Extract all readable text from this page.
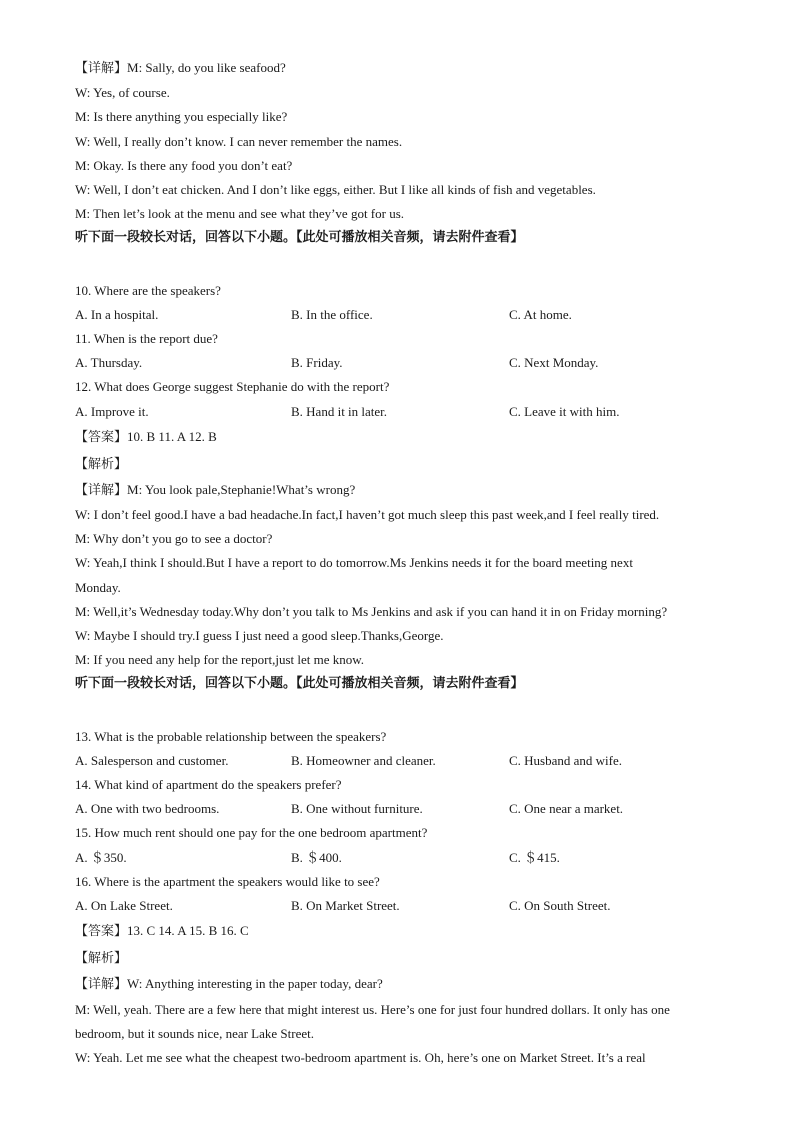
【详解】M: Sally, do you like seafood?
W: Yes, of course.
M: Is there anything you especially like?
W: Well, I really don’t know. I can never remember the names.
M: Okay. Is there any food you don’t eat?
W: Well, I don’t eat chicken. And I don’t like eggs, either. But I like all kinds of fish and vegetables.
M: Then let’s look at the menu and see what they’ve got for us.
听下面一段较长对话，回答以下小题。【此处可播放相关音频，请去附件查看】
10. Where are the speakers?
A. In a hospital.	B. In the office.	C. At home.
11. When is the report due?
A. Thursday.	B. Friday.	C. Next Monday.
12. What does George suggest Stephanie do with the report?
A. Improve it.	B. Hand it in later.	C. Leave it with him.
【答案】10. B 11. A 12. B
【解析】
【详解】M: You look pale,Stephanie!What’s wrong?
W: I don’t feel good.I have a bad headache.In fact,I haven’t got much sleep this past week,and I feel really tired.
M: Why don’t you go to see a doctor?
W: Yeah,I think I should.But I have a report to do tomorrow.Ms Jenkins needs it for the board meeting next
Monday.
M: Well,it’s Wednesday today.Why don’t you talk to Ms Jenkins and ask if you can hand it in on Friday morning?
W: Maybe I should try.I guess I just need a good sleep.Thanks,George.
M: If you need any help for the report,just let me know.
听下面一段较长对话，回答以下小题。【此处可播放相关音频，请去附件查看】
13. What is the probable relationship between the speakers?
A. Salesperson and customer.	B. Homeowner and cleaner.	C. Husband and wife.
14. What kind of apartment do the speakers prefer?
A. One with two bedrooms.	B. One without furniture.	C. One near a market.
15. How much rent should one pay for the one bedroom apartment?
A. ＄350.	B. ＄400.	C. ＄415.
16. Where is the apartment the speakers would like to see?
A. On Lake Street.	B. On Market Street.	C. On South Street.
【答案】13. C 14. A 15. B 16. C
【解析】
【详解】W: Anything interesting in the paper today, dear?
M: Well, yeah. There are a few here that might interest us. Here’s one for just four hundred dollars. It only has one
bedroom, but it sounds nice, near Lake Street.
W: Yeah. Let me see what the cheapest two-bedroom apartment is. Oh, here’s one on Market Street. It’s a real
